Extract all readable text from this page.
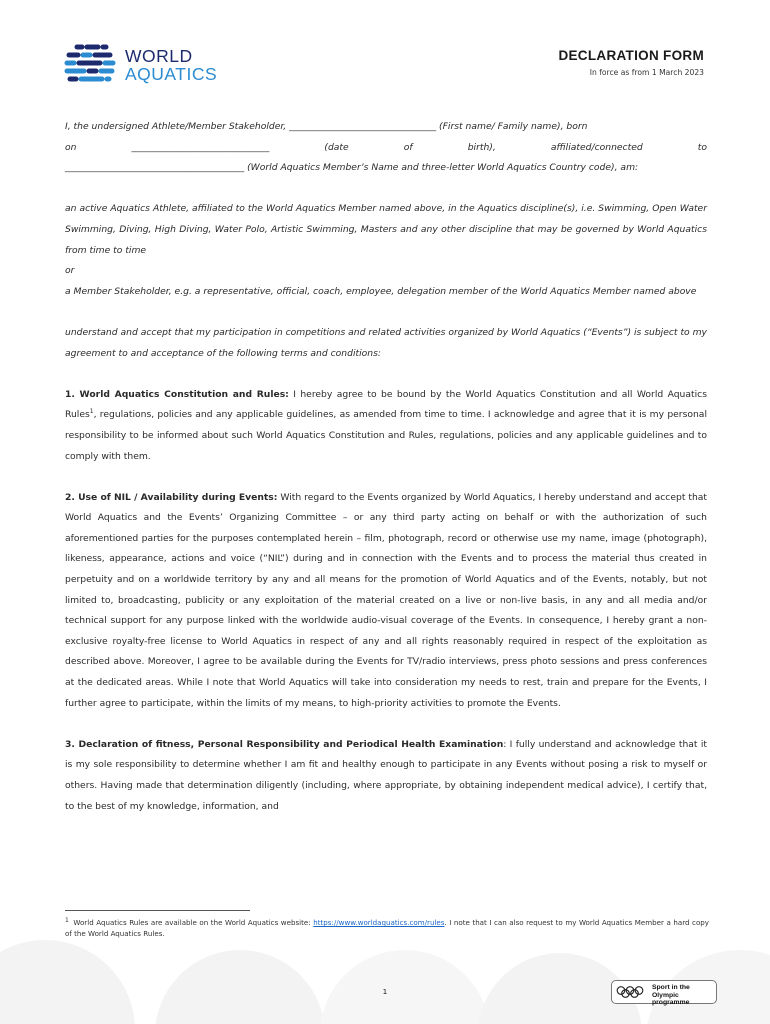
WORLD
AQUATICS
DECLARATION FORM
In force as from 1 March 2023

I, the undersigned Athlete/Member Stakeholder, ________________________________ (First name/ Family name), born

on	______________________________	(date	of	birth),	affiliated/connected	to

_______________________________________ (World Aquatics Member’s Name and three-letter World Aquatics Country code), am:

an active Aquatics Athlete, affiliated to the World Aquatics Member named above, in the Aquatics discipline(s), i.e. Swimming, Open Water Swimming, Diving, High Diving, Water Polo, Artistic Swimming, Masters and any other discipline that may be governed by World Aquatics from time to time

or

a Member Stakeholder, e.g. a representative, official, coach, employee, delegation member of the World Aquatics Member named above

understand and accept that my participation in competitions and related activities organized by World Aquatics (“Events”) is subject to my agreement to and acceptance of the following terms and conditions:

1. World Aquatics Constitution and Rules: I hereby agree to be bound by the World Aquatics Constitution and all World Aquatics Rules$^1$, regulations, policies and any applicable guidelines, as amended from time to time. I acknowledge and agree that it is my personal responsibility to be informed about such World Aquatics Constitution and Rules, regulations, policies and any applicable guidelines and to comply with them.

2. Use of NIL / Availability during Events: With regard to the Events organized by World Aquatics, I hereby understand and accept that World Aquatics and the Events’ Organizing Committee – or any third party acting on behalf or with the authorization of such aforementioned parties for the purposes contemplated herein – film, photograph, record or otherwise use my name, image (photograph), likeness, appearance, actions and voice (“NIL”) during and in connection with the Events and to process the material thus created in perpetuity and on a worldwide territory by any and all means for the promotion of World Aquatics and of the Events, notably, but not limited to, broadcasting, publicity or any exploitation of the material created on a live or non-live basis, in any and all media and/or technical support for any purpose linked with the worldwide audio-visual coverage of the Events. In consequence, I hereby grant a non-exclusive royalty-free license to World Aquatics in respect of any and all rights reasonably required in respect of the exploitation as described above. Moreover, I agree to be available during the Events for TV/radio interviews, press photo sessions and press conferences at the dedicated areas. While I note that World Aquatics will take into consideration my needs to rest, train and prepare for the Events, I further agree to participate, within the limits of my means, to high-priority activities to promote the Events.

3. Declaration of fitness, Personal Responsibility and Periodical Health Examination: I fully understand and acknowledge that it is my sole responsibility to determine whether I am fit and healthy enough to participate in any Events without posing a risk to myself or others. Having made that determination diligently (including, where appropriate, by obtaining independent medical advice), I certify that, to the best of my knowledge, information, and

$^1$ World Aquatics Rules are available on the World Aquatics website: https://www.worldaquatics.com/rules. I note that I can also request to my World Aquatics Member a hard copy of the World Aquatics Rules.
1	Sport in the
Olympic programme
